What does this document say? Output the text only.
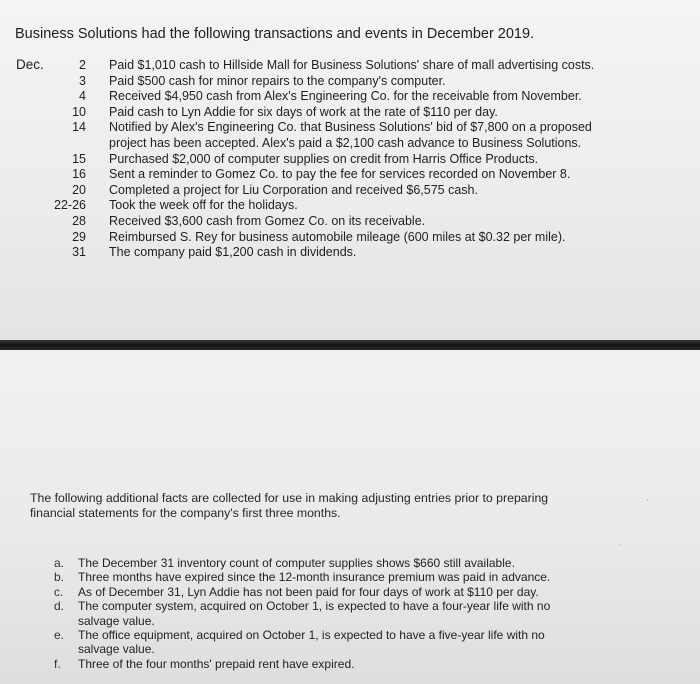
Business Solutions had the following transactions and events in December 2019.
Dec.	2 Paid $1,010 cash to Hillside Mall for Business Solutions' share of mall advertising costs.
3 Paid $500 cash for minor repairs to the company's computer.
4 Received $4,950 cash from Alex's Engineering Co. for the receivable from November.
10 Paid cash to Lyn Addie for six days of work at the rate of $110 per day.
14 Notified by Alex's Engineering Co. that Business Solutions' bid of $7,800 on a proposed
project has been accepted. Alex's paid a $2,100 cash advance to Business Solutions.
15 Purchased $2,000 of computer supplies on credit from Harris Office Products.
16 Sent a reminder to Gomez Co. to pay the fee for services recorded on November 8.
20 Completed a project for Liu Corporation and received $6,575 cash.
22-26 Took the week off for the holidays.
28 Received $3,600 cash from Gomez Co. on its receivable.
29 Reimbursed S. Rey for business automobile mileage (600 miles at $0.32 per mile).
31 The company paid $1,200 cash in dividends.
The following additional facts are collected for use in making adjusting entries prior to preparing
financial statements for the company's first three months.
a.	The December 31 inventory count of computer supplies shows $660 still available.
b.	Three months have expired since the 12-month insurance premium was paid in advance.
c.	As of December 31, Lyn Addie has not been paid for four days of work at $110 per day.
d.	The computer system, acquired on October 1, is expected to have a four-year life with no
salvage value.
e.	The office equipment, acquired on October 1, is expected to have a five-year life with no
salvage value.
f.	Three of the four months' prepaid rent have expired.
·
·
